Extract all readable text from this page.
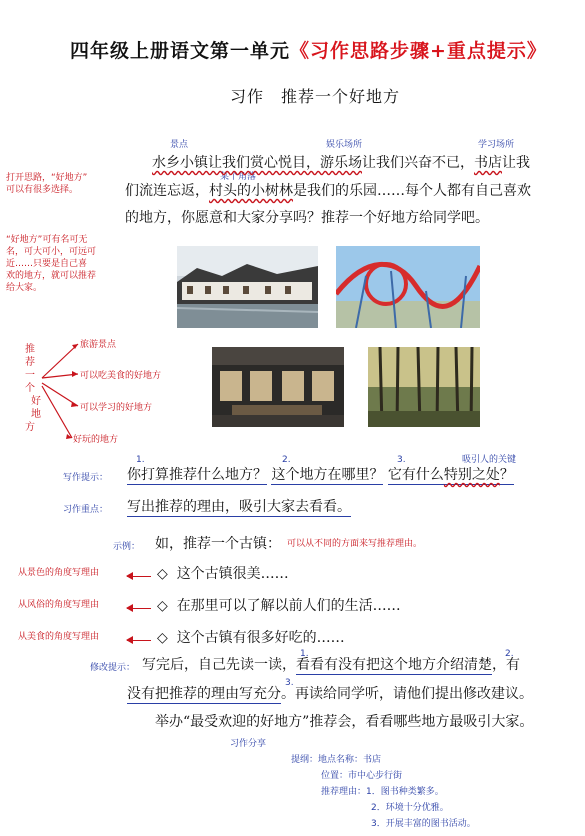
四年级上册语文第一单元《习作思路步骤+重点提示》
习作　推荐一个好地方
景点	娱乐场所	学习场所
某个角落
打开思路，“好地方”
可以有很多选择。
“好地方”可有名可无
名，可大可小，可远可
近……只要是自己喜
欢的地方，就可以推荐
给大家。
水乡小镇让我们赏心悦目，游乐场让我们兴奋不已，书店让我
们流连忘返，村头的小树林是我们的乐园……每个人都有自己喜欢
的地方，你愿意和大家分享吗？推荐一个好地方给同学吧。
推
荐
一
个
好
地
方
旅游景点
可以吃美食的好地方
可以学习的好地方
好玩的地方
1.	2.	3.	吸引人的关键
写作提示： 你打算推荐什么地方？ 这个地方在哪里？ 它有什么特别之处？
习作重点： 写出推荐的理由，吸引大家去看看。
示例： 如，推荐一个古镇： 可以从不同的方面来写推荐理由。
从景色的角度写理由	◇ 这个古镇很美……
从风俗的角度写理由	◇ 在那里可以了解以前人们的生活……
从美食的角度写理由	◇ 这个古镇有很多好吃的……
1.	2.
3.
修改提示： 写完后，自己先读一读，看看有没有把这个地方介绍清楚，有
没有把推荐的理由写充分。再读给同学听，请他们提出修改建议。
举办“最受欢迎的好地方”推荐会，看看哪些地方最吸引大家。
习作分享
提纲：地点名称：书店
位置：市中心步行街
推荐理由：1．图书种类繁多。
2．环境十分优雅。
3．开展丰富的图书活动。
